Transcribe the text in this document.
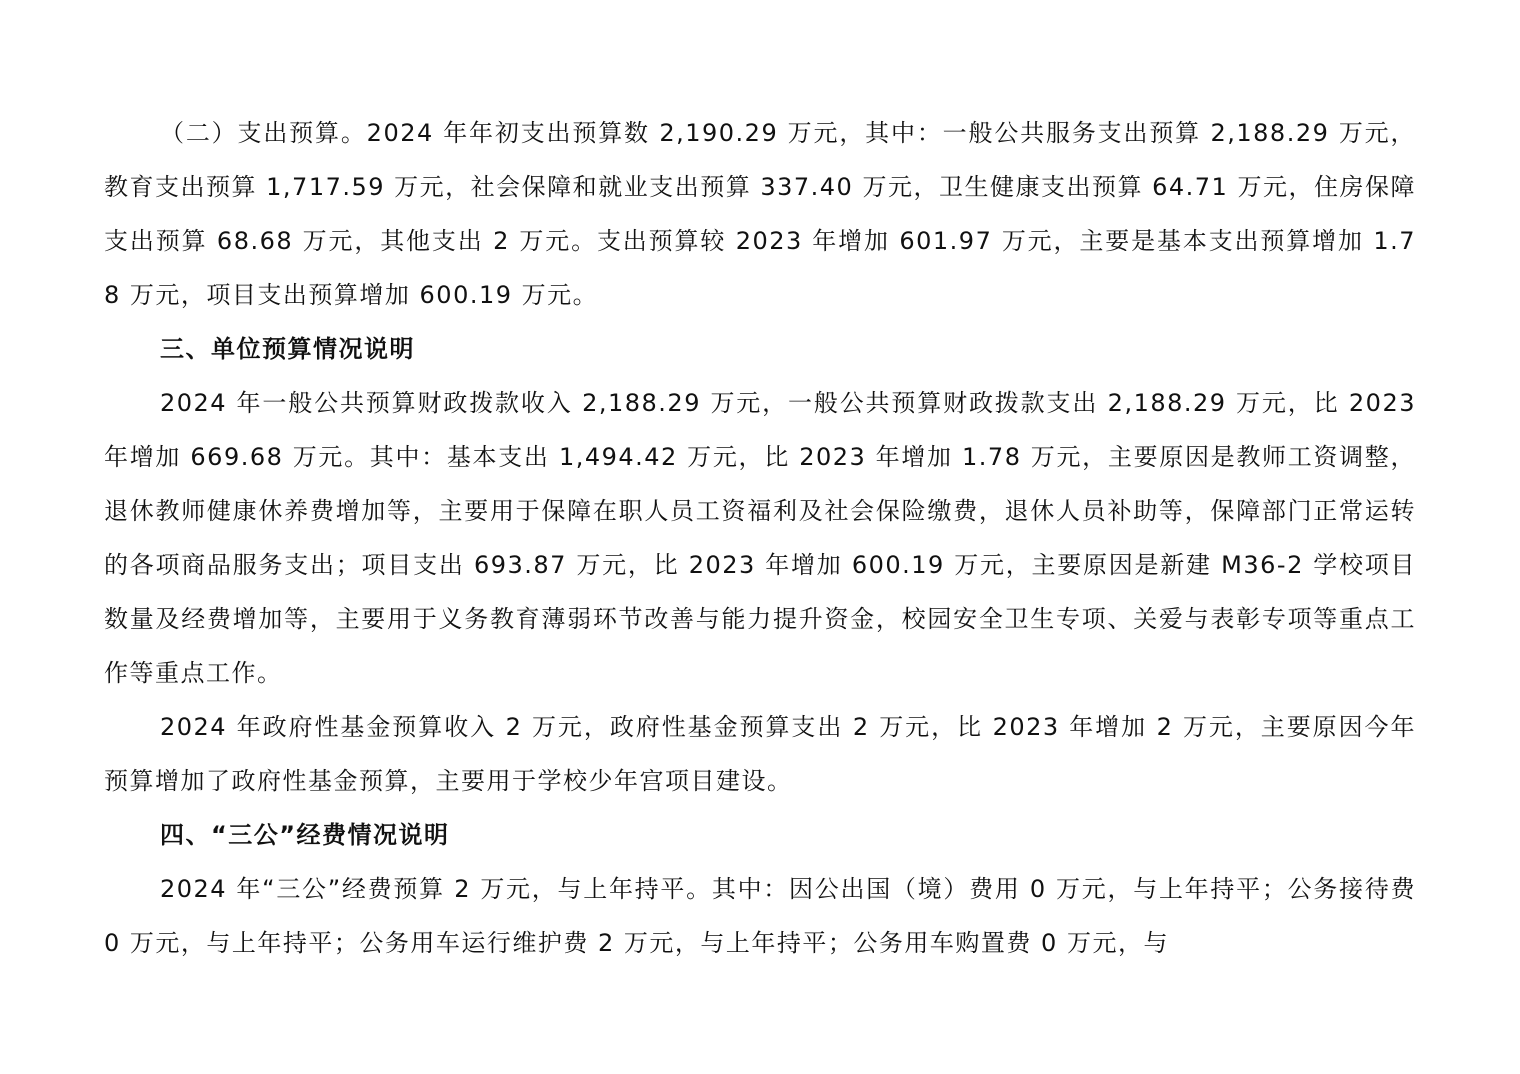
（二）支出预算。2024 年年初支出预算数 2,190.29 万元，其中：一般公共服务支出预算 2,188.29 万元，教育支出预算 1,717.59 万元，社会保障和就业支出预算 337.40 万元，卫生健康支出预算 64.71 万元，住房保障支出预算 68.68 万元，其他支出 2 万元。支出预算较 2023 年增加 601.97 万元，主要是基本支出预算增加 1.78 万元，项目支出预算增加 600.19 万元。

三、单位预算情况说明

2024 年一般公共预算财政拨款收入 2,188.29 万元，一般公共预算财政拨款支出 2,188.29 万元，比 2023 年增加 669.68 万元。其中：基本支出 1,494.42 万元，比 2023 年增加 1.78 万元，主要原因是教师工资调整，退休教师健康休养费增加等，主要用于保障在职人员工资福利及社会保险缴费，退休人员补助等，保障部门正常运转的各项商品服务支出；项目支出 693.87 万元，比 2023 年增加 600.19 万元，主要原因是新建 M36-2 学校项目数量及经费增加等，主要用于义务教育薄弱环节改善与能力提升资金，校园安全卫生专项、关爱与表彰专项等重点工作等重点工作。

2024 年政府性基金预算收入 2 万元，政府性基金预算支出 2 万元，比 2023 年增加 2 万元，主要原因今年预算增加了政府性基金预算，主要用于学校少年宫项目建设。

四、“三公”经费情况说明

2024 年“三公”经费预算 2 万元，与上年持平。其中：因公出国（境）费用 0 万元，与上年持平；公务接待费 0 万元，与上年持平；公务用车运行维护费 2 万元，与上年持平；公务用车购置费 0 万元，与
